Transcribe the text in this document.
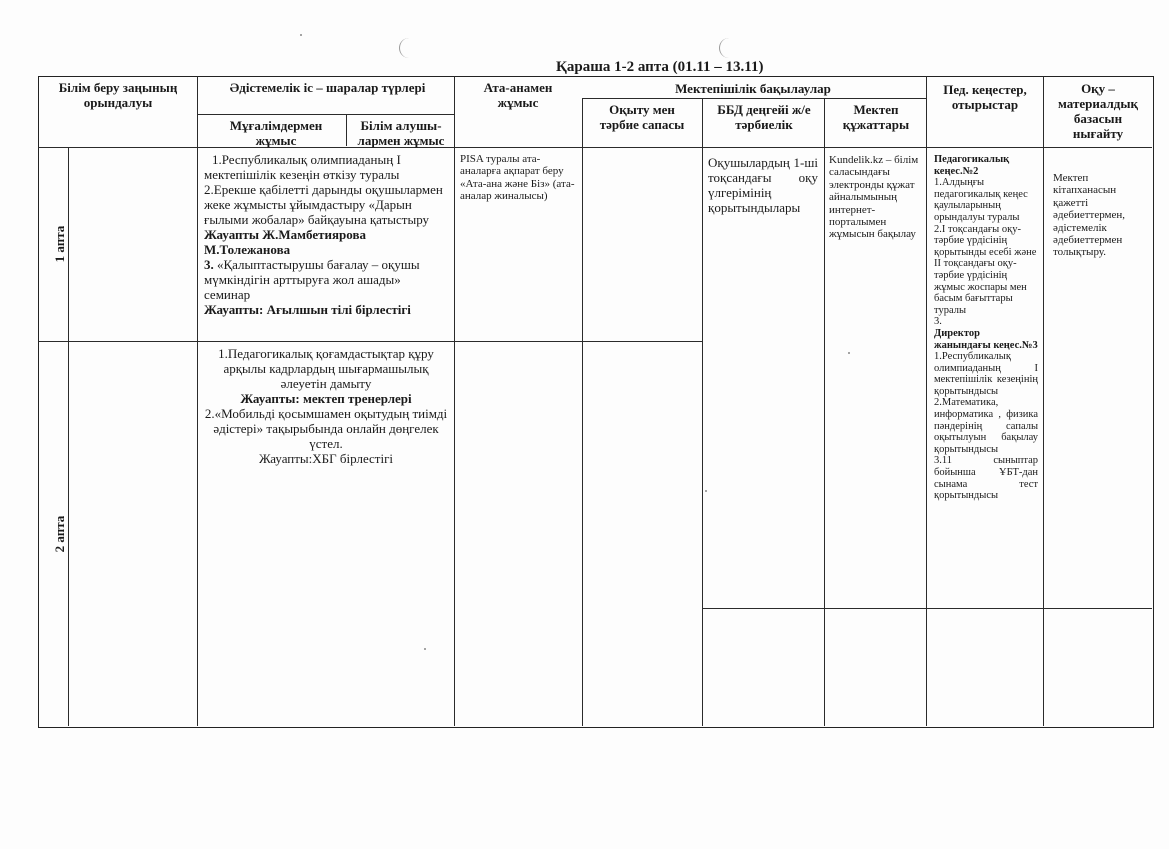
Қараша 1-2 апта (01.11 – 13.11)
Білім беру заңының орындалуы
Әдістемелік іс – шаралар түрлері
Мұғалімдермен жұмыс
Білім алушы-лармен жұмыс
Ата-анамен жұмыс
Мектепішілік бақылаулар
Оқыту мен тәрбие сапасы
ББД деңгейі ж/е тәрбиелік
Мектеп құжаттары
Пед. кеңестер, отырыстар
Оқу – материалдық базасын нығайту
1 апта
2 апта
1.Республикалық олимпиаданың І мектепішілік кезеңін өткізу туралы
2.Ерекше қабілетті дарынды оқушылармен жеке жұмысты ұйымдастыру «Дарын ғылыми жобалар» байқауына қатыстыру
Жауапты Ж.Мамбетиярова М.Толежанова
3. «Қалыптастырушы бағалау – оқушы мүмкіндігін арттыруға жол ашады» семинар
Жауапты: Ағылшын тілі бірлестігі
1.Педагогикалық қоғамдастықтар құру арқылы кадрлардың шығармашылық әлеуетін дамыту
Жауапты: мектеп тренерлері
2.«Мобильді қосымшамен оқытудың тиімді әдістері» тақырыбында онлайн дөңгелек үстел.
Жауапты:ХБГ бірлестігі
PISA туралы ата-аналарға ақпарат беру
«Ата-ана және Біз» (ата-аналар жиналысы)
Оқушылардың 1-ші тоқсандағы оқу үлгерімінің қорытындылары
Kundelik.kz – білім саласындағы электронды құжат айналымының интернет-порталымен жұмысын бақылау
Педагогикалық кеңес.№2
1.Алдыңғы педагогикалық кеңес қаулыларының орындалуы туралы
2.І тоқсандағы оқу-тәрбие үрдісінің қорытынды есебі және ІІ тоқсандағы оқу-тәрбие үрдісінің жұмыс жоспары мен басым бағыттары туралы
3.
Директор жанындағы кеңес.№3
1.Республикалық олимпиаданың І мектепішілік кезеңінің қорытындысы
2.Математика, информатика , физика пәндерінің сапалы оқытылуын бақылау қорытындысы
3.11 сыныптар бойынша ҰБТ-дан сынама тест қорытындысы
Мектеп кітапханасын қажетті әдебиеттермен, әдістемелік әдебиеттермен толықтыру.
